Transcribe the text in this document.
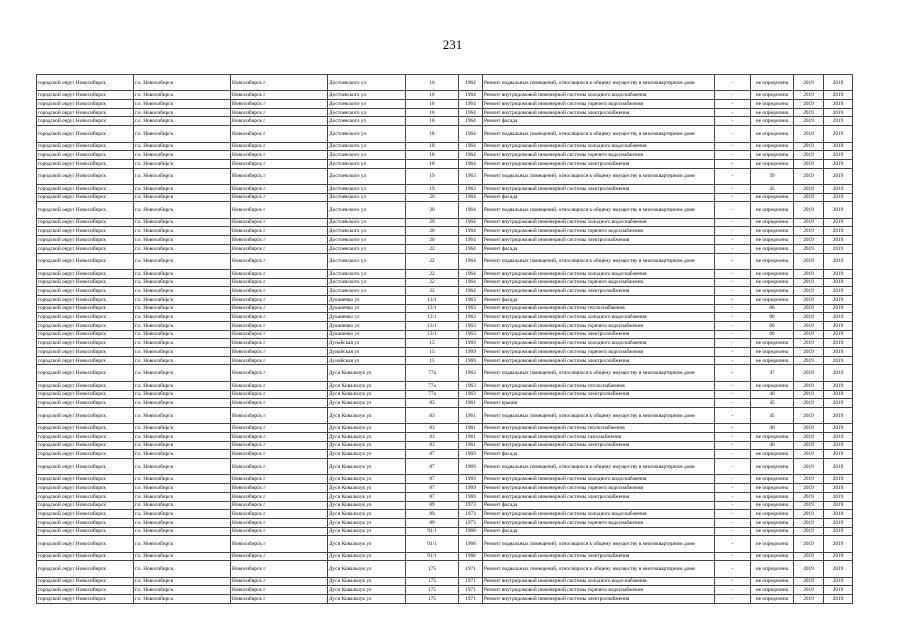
231
городской округ Новосибирск	г.о. Новосибирск	Новосибирск г	Достоевского ул	16	1964	Ремонт подвальных помещений, относящихся к общему имуществу в многоквартирном доме	-	не определена	2019	2019
городской округ Новосибирск	г.о. Новосибирск	Новосибирск г	Достоевского ул	16	1964	Ремонт внутридомовой инженерной системы холодного водоснабжения	-	не определена	2019	2019
городской округ Новосибирск	г.о. Новосибирск	Новосибирск г	Достоевского ул	16	1964	Ремонт внутридомовой инженерной системы горячего водоснабжения	-	не определена	2019	2019
городской округ Новосибирск	г.о. Новосибирск	Новосибирск г	Достоевского ул	16	1964	Ремонт внутридомовой инженерной системы электроснабжения	-	не определена	2019	2019
городской округ Новосибирск	г.о. Новосибирск	Новосибирск г	Достоевского ул	18	1964	Ремонт фасада	-	не определена	2019	2019
городской округ Новосибирск	г.о. Новосибирск	Новосибирск г	Достоевского ул	18	1964	Ремонт подвальных помещений, относящихся к общему имуществу в многоквартирном доме	-	не определена	2019	2019
городской округ Новосибирск	г.о. Новосибирск	Новосибирск г	Достоевского ул	18	1964	Ремонт внутридомовой инженерной системы холодного водоснабжения	-	не определена	2019	2019
городской округ Новосибирск	г.о. Новосибирск	Новосибирск г	Достоевского ул	18	1964	Ремонт внутридомовой инженерной системы горячего водоснабжения	-	не определена	2019	2019
городской округ Новосибирск	г.о. Новосибирск	Новосибирск г	Достоевского ул	18	1964	Ремонт внутридомовой инженерной системы электроснабжения	-	не определена	2019	2019
городской округ Новосибирск	г.о. Новосибирск	Новосибирск г	Достоевского ул	19	1963	Ремонт подвальных помещений, относящихся к общему имуществу в многоквартирном доме	-	39	2019	2019
городской округ Новосибирск	г.о. Новосибирск	Новосибирск г	Достоевского ул	19	1963	Ремонт внутридомовой инженерной системы электроснабжения	-	45	2019	2019
городской округ Новосибирск	г.о. Новосибирск	Новосибирск г	Достоевского ул	20	1964	Ремонт фасада	-	не определена	2019	2019
городской округ Новосибирск	г.о. Новосибирск	Новосибирск г	Достоевского ул	20	1964	Ремонт подвальных помещений, относящихся к общему имуществу в многоквартирном доме	-	не определена	2019	2019
городской округ Новосибирск	г.о. Новосибирск	Новосибирск г	Достоевского ул	20	1964	Ремонт внутридомовой инженерной системы холодного водоснабжения	-	не определена	2019	2019
городской округ Новосибирск	г.о. Новосибирск	Новосибирск г	Достоевского ул	20	1964	Ремонт внутридомовой инженерной системы горячего водоснабжения	-	не определена	2019	2019
городской округ Новосибирск	г.о. Новосибирск	Новосибирск г	Достоевского ул	20	1964	Ремонт внутридомовой инженерной системы электроснабжения	-	не определена	2019	2019
городской округ Новосибирск	г.о. Новосибирск	Новосибирск г	Достоевского ул	22	1964	Ремонт фасада	-	не определена	2019	2019
городской округ Новосибирск	г.о. Новосибирск	Новосибирск г	Достоевского ул	22	1964	Ремонт подвальных помещений, относящихся к общему имуществу в многоквартирном доме	-	не определена	2019	2019
городской округ Новосибирск	г.о. Новосибирск	Новосибирск г	Достоевского ул	22	1964	Ремонт внутридомовой инженерной системы холодного водоснабжения	-	не определена	2019	2019
городской округ Новосибирск	г.о. Новосибирск	Новосибирск г	Достоевского ул	22	1964	Ремонт внутридомовой инженерной системы горячего водоснабжения	-	не определена	2019	2019
городской округ Новосибирск	г.о. Новосибирск	Новосибирск г	Достоевского ул	22	1964	Ремонт внутридомовой инженерной системы электроснабжения	-	не определена	2019	2019
городской округ Новосибирск	г.о. Новосибирск	Новосибирск г	Дуканенко ул	13/1	1963	Ремонт фасада	-	не определена	2019	2019
городской округ Новосибирск	г.о. Новосибирск	Новосибирск г	Дуканенко ул	13/1	1963	Ремонт внутридомовой инженерной системы теплоснабжения	-	80	2019	2019
городской округ Новосибирск	г.о. Новосибирск	Новосибирск г	Дуканенко ул	13/1	1963	Ремонт внутридомовой инженерной системы холодного водоснабжения	-	80	2019	2019
городской округ Новосибирск	г.о. Новосибирск	Новосибирск г	Дуканенко ул	13/1	1963	Ремонт внутридомовой инженерной системы горячего водоснабжения	-	80	2019	2019
городской округ Новосибирск	г.о. Новосибирск	Новосибирск г	Дуканенко ул	13/1	1963	Ремонт внутридомовой инженерной системы электроснабжения	-	80	2019	2019
городской округ Новосибирск	г.о. Новосибирск	Новосибирск г	Дунайская ул	15	1969	Ремонт внутридомовой инженерной системы холодного водоснабжения	-	не определена	2019	2019
городской округ Новосибирск	г.о. Новосибирск	Новосибирск г	Дунайская ул	15	1969	Ремонт внутридомовой инженерной системы горячего водоснабжения	-	не определена	2019	2019
городской округ Новосибирск	г.о. Новосибирск	Новосибирск г	Дунайская ул	15	1969	Ремонт внутридомовой инженерной системы электроснабжения	-	не определена	2019	2019
городской округ Новосибирск	г.о. Новосибирск	Новосибирск г	Дуси Ковальчук ул	77а	1963	Ремонт подвальных помещений, относящихся к общему имуществу в многоквартирном доме	-	47	2019	2019
городской округ Новосибирск	г.о. Новосибирск	Новосибирск г	Дуси Ковальчук ул	77а	1963	Ремонт внутридомовой инженерной системы теплоснабжения	-	не определена	2019	2019
городской округ Новосибирск	г.о. Новосибирск	Новосибирск г	Дуси Ковальчук ул	77а	1963	Ремонт внутридомовой инженерной системы электроснабжения	-	40	2019	2019
городской округ Новосибирск	г.о. Новосибирск	Новосибирск г	Дуси Ковальчук ул	83	1961	Ремонт крыши	-	45	2019	2019
городской округ Новосибирск	г.о. Новосибирск	Новосибирск г	Дуси Ковальчук ул	83	1961	Ремонт подвальных помещений, относящихся к общему имуществу в многоквартирном доме	-	45	2019	2019
городской округ Новосибирск	г.о. Новосибирск	Новосибирск г	Дуси Ковальчук ул	83	1961	Ремонт внутридомовой инженерной системы теплоснабжения	-	40	2019	2019
городской округ Новосибирск	г.о. Новосибирск	Новосибирск г	Дуси Ковальчук ул	83	1961	Ремонт внутридомовой инженерной системы газоснабжения	-	не определена	2019	2019
городской округ Новосибирск	г.о. Новосибирск	Новосибирск г	Дуси Ковальчук ул	83	1961	Ремонт внутридомовой инженерной системы электроснабжения	-	40	2019	2019
городской округ Новосибирск	г.о. Новосибирск	Новосибирск г	Дуси Ковальчук ул	87	1969	Ремонт фасада	-	не определена	2019	2019
городской округ Новосибирск	г.о. Новосибирск	Новосибирск г	Дуси Ковальчук ул	87	1969	Ремонт подвальных помещений, относящихся к общему имуществу в многоквартирном доме	-	не определена	2019	2019
городской округ Новосибирск	г.о. Новосибирск	Новосибирск г	Дуси Ковальчук ул	87	1969	Ремонт внутридомовой инженерной системы холодного водоснабжения	-	не определена	2019	2019
городской округ Новосибирск	г.о. Новосибирск	Новосибирск г	Дуси Ковальчук ул	87	1969	Ремонт внутридомовой инженерной системы горячего водоснабжения	-	не определена	2019	2019
городской округ Новосибирск	г.о. Новосибирск	Новосибирск г	Дуси Ковальчук ул	87	1969	Ремонт внутридомовой инженерной системы электроснабжения	-	не определена	2019	2019
городской округ Новосибирск	г.о. Новосибирск	Новосибирск г	Дуси Ковальчук ул	89	1973	Ремонт фасада	-	не определена	2019	2019
городской округ Новосибирск	г.о. Новосибирск	Новосибирск г	Дуси Ковальчук ул	89	1973	Ремонт внутридомовой инженерной системы холодного водоснабжения	-	не определена	2019	2019
городской округ Новосибирск	г.о. Новосибирск	Новосибирск г	Дуси Ковальчук ул	89	1973	Ремонт внутридомовой инженерной системы горячего водоснабжения	-	не определена	2019	2019
городской округ Новосибирск	г.о. Новосибирск	Новосибирск г	Дуси Ковальчук ул	91/1	1968	Ремонт фасада	-	не определена	2019	2019
городской округ Новосибирск	г.о. Новосибирск	Новосибирск г	Дуси Ковальчук ул	91/1	1968	Ремонт подвальных помещений, относящихся к общему имуществу в многоквартирном доме	-	не определена	2019	2019
городской округ Новосибирск	г.о. Новосибирск	Новосибирск г	Дуси Ковальчук ул	91/1	1968	Ремонт внутридомовой инженерной системы электроснабжения	-	не определена	2019	2019
городской округ Новосибирск	г.о. Новосибирск	Новосибирск г	Дуси Ковальчук ул	175	1971	Ремонт подвальных помещений, относящихся к общему имуществу в многоквартирном доме	-	не определена	2019	2019
городской округ Новосибирск	г.о. Новосибирск	Новосибирск г	Дуси Ковальчук ул	175	1971	Ремонт внутридомовой инженерной системы холодного водоснабжения	-	не определена	2019	2019
городской округ Новосибирск	г.о. Новосибирск	Новосибирск г	Дуси Ковальчук ул	175	1971	Ремонт внутридомовой инженерной системы горячего водоснабжения	-	не определена	2019	2019
городской округ Новосибирск	г.о. Новосибирск	Новосибирск г	Дуси Ковальчук ул	175	1971	Ремонт внутридомовой инженерной системы электроснабжения	-	не определена	2019	2019
